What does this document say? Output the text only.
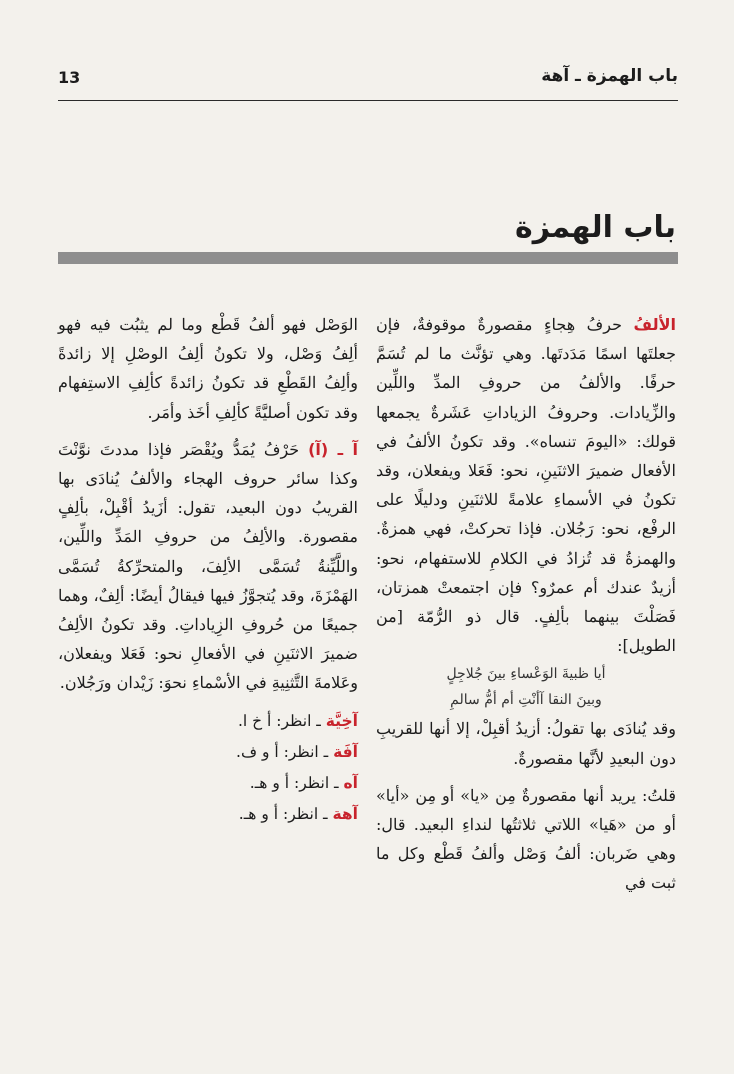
13	باب الهمزة ـ آهة
باب الهمزة

الألفُ حرفُ هِجاءٍ مقصورةٌ موقوفةٌ، فإن جعلتَها اسمًا مَدَدتَها. وهي تؤنَّث ما لم تُسَمَّ حرفًا. والألفُ من حروفِ المدِّ واللِّين والزِّيادات. وحروفُ الزياداتِ عَشَرةٌ يجمعها قولك: «اليومَ تنساه». وقد تكونُ الألفُ في الأفعال ضميرَ الاثنَينِ، نحو: فَعَلا ويفعلان، وقد تكونُ في الأسماءِ علامةً للاثنَينِ ودليلًا على الرفْع، نحو: رَجُلان. فإذا تحركتْ، فهي همزةٌ. والهمزةُ قد تُزادُ في الكلامِ للاستفهام، نحو: أزيدٌ عندك أم عمرٌو؟ فإن اجتمعتْ همزتان، فَصَلْتَ بينهما بألِفٍ. قال ذو الرُّمّة [من الطويل]:

أيا ظبيةَ الوَعْساءِ بينَ جُلاجِلٍ
وبينَ النقا آأنْتِ أم أمُّ سالمِ

وقد يُنادَى بها تقولُ: أزيدُ أقبِلْ، إلا أنها للقريبِ دون البعيدِ لأنَّها مقصورةٌ.

قلتُ: يريد أنها مقصورةٌ مِن «يا» أو مِن «أيا» أو من «هَيا» اللاتي ثلاثتُها لنداءِ البعيد. قال: وهي ضَربان: ألفُ وَصْل وألفُ قَطْع وكل ما ثبت في

الوَصْل فهو ألفُ قَطْع وما لم يثبُت فيه فهو ألِفُ وَصْل، ولا تكونُ ألِفُ الوصْلِ إلا زائدةً وألِفُ القَطْعِ قد تكونُ زائدةً كألِفِ الاستِفهام وقد تكون أصليَّةً كألِفِ أخَذ وأمَر.

آ ـ (آ) حَرْفُ يُمَدُّ ويُقْصَر فإذا مددتَ نوَّنْتَ وكذا سائر حروف الهجاء والألفُ يُنادَى بها القريبُ دون البعيد، تقول: أزَيدُ أقْبِلْ، بألِفٍ مقصورة. والألِفُ من حروفِ المَدِّ واللِّين، واللَّيِّنةُ تُسَمَّى الألِفَ، والمتحرِّكةُ تُسَمَّى الهَمْزَةَ، وقد يُتجوَّزُ فيها فيقالُ أيضًا: ألِفٌ، وهما جميعًا من حُروفِ الزِياداتِ. وقد تكونُ الألِفُ ضميرَ الاثنَينِ في الأفعالِ نحو: فَعَلا ويفعلان، وعَلامةَ التَّثنِيةِ في الأسْماءِ نحوَ: زَيْدان ورَجُلان.

آخِيَّة ـ انظر: أ خ ا.
آفَة ـ انظر: أ و ف.
آه ـ انظر: أ و هـ.
آهة ـ انظر: أ و هـ.
